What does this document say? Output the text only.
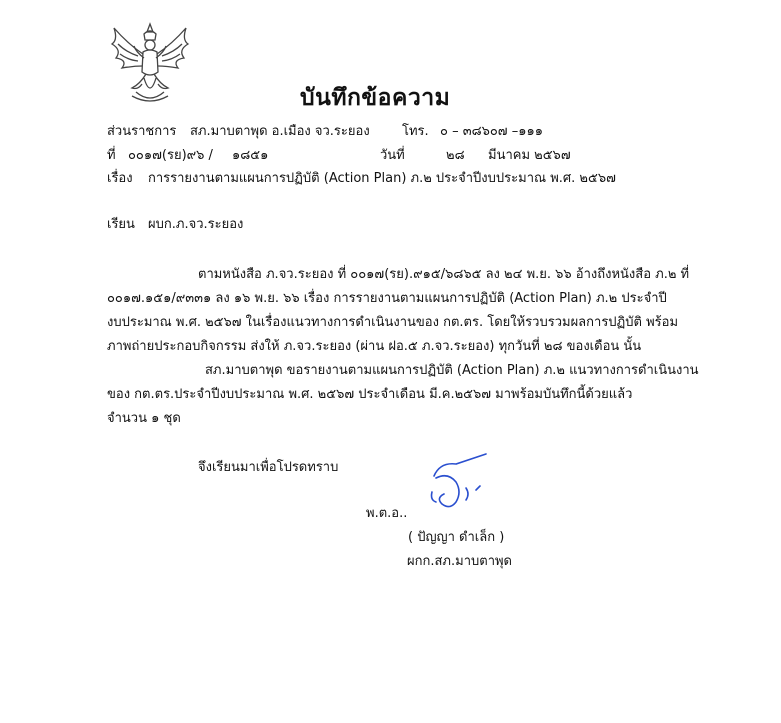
บันทึกข้อความ
ส่วนราชการ สภ.มาบตาพุด อ.เมือง จว.ระยอง โทร. ๐ – ๓๘๖๐๗ –๑๑๑
ที่ ๐๐๑๗(รย)๙๖ / ๑๘๕๑	วันที่	๒๘ มีนาคม ๒๕๖๗
เรื่อง การรายงานตามแผนการปฏิบัติ (Action Plan) ภ.๒ ประจำปีงบประมาณ พ.ศ. ๒๕๖๗
เรียน ผบก.ภ.จว.ระยอง
ตามหนังสือ ภ.จว.ระยอง ที่ ๐๐๑๗(รย).๙๑๕/๖๘๖๕ ลง ๒๔ พ.ย. ๖๖ อ้างถึงหนังสือ ภ.๒ ที่
๐๐๑๗.๑๕๑/๙๓๓๑ ลง ๑๖ พ.ย. ๖๖ เรื่อง การรายงานตามแผนการปฏิบัติ (Action Plan) ภ.๒ ประจำปี
งบประมาณ พ.ศ. ๒๕๖๗ ในเรื่องแนวทางการดำเนินงานของ กต.ตร. โดยให้รวบรวมผลการปฏิบัติ พร้อม
ภาพถ่ายประกอบกิจกรรม ส่งให้ ภ.จว.ระยอง (ผ่าน ฝอ.๕ ภ.จว.ระยอง) ทุกวันที่ ๒๘ ของเดือน นั้น
สภ.มาบตาพุด ขอรายงานตามแผนการปฏิบัติ (Action Plan) ภ.๒ แนวทางการดำเนินงาน
ของ กต.ตร.ประจำปีงบประมาณ พ.ศ. ๒๕๖๗ ประจำเดือน มี.ค.๒๕๖๗ มาพร้อมบันทึกนี้ด้วยแล้ว
จำนวน ๑ ชุด
จึงเรียนมาเพื่อโปรดทราบ
พ.ต.อ..
( ปัญญา ดำเล็ก )
ผกก.สภ.มาบตาพุด
